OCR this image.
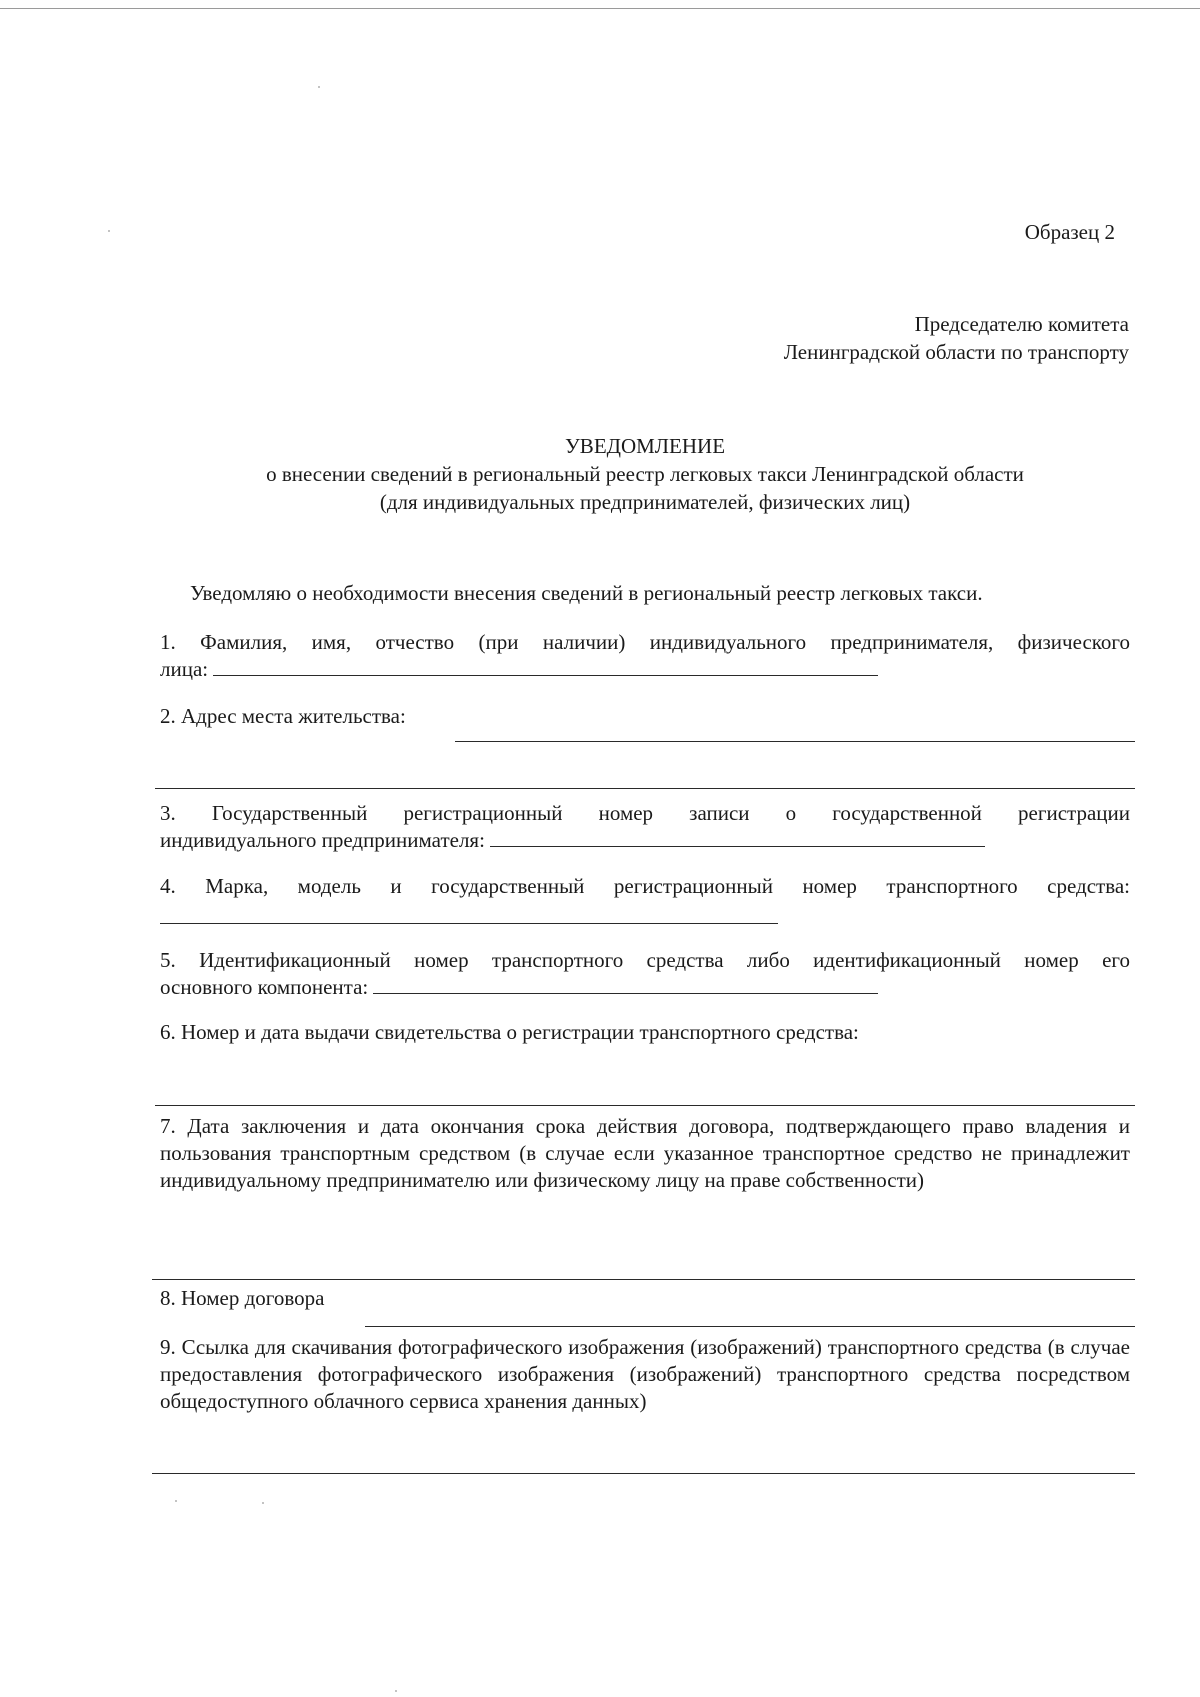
Образец 2
Председателю комитета
Ленинградской области по транспорту
УВЕДОМЛЕНИЕ
о внесении сведений в региональный реестр легковых такси Ленинградской области
(для индивидуальных предпринимателей, физических лиц)
Уведомляю о необходимости внесения сведений в региональный реестр легковых такси.
1. Фамилия, имя, отчество (при наличии) индивидуального предпринимателя, физического
лица:
2. Адрес места жительства:
3. Государственный регистрационный номер записи о государственной регистрации
индивидуального предпринимателя:
4. Марка, модель и государственный регистрационный номер транспортного средства:
5. Идентификационный номер транспортного средства либо идентификационный номер его
основного компонента:
6. Номер и дата выдачи свидетельства о регистрации транспортного средства:
7. Дата заключения и дата окончания срока действия договора, подтверждающего право владения и пользования транспортным средством (в случае если указанное транспортное средство не принадлежит индивидуальному предпринимателю или физическому лицу на праве собственности)
8. Номер договора
9. Ссылка для скачивания фотографического изображения (изображений) транспортного средства (в случае предоставления фотографического изображения (изображений) транспортного средства посредством общедоступного облачного сервиса хранения данных)
